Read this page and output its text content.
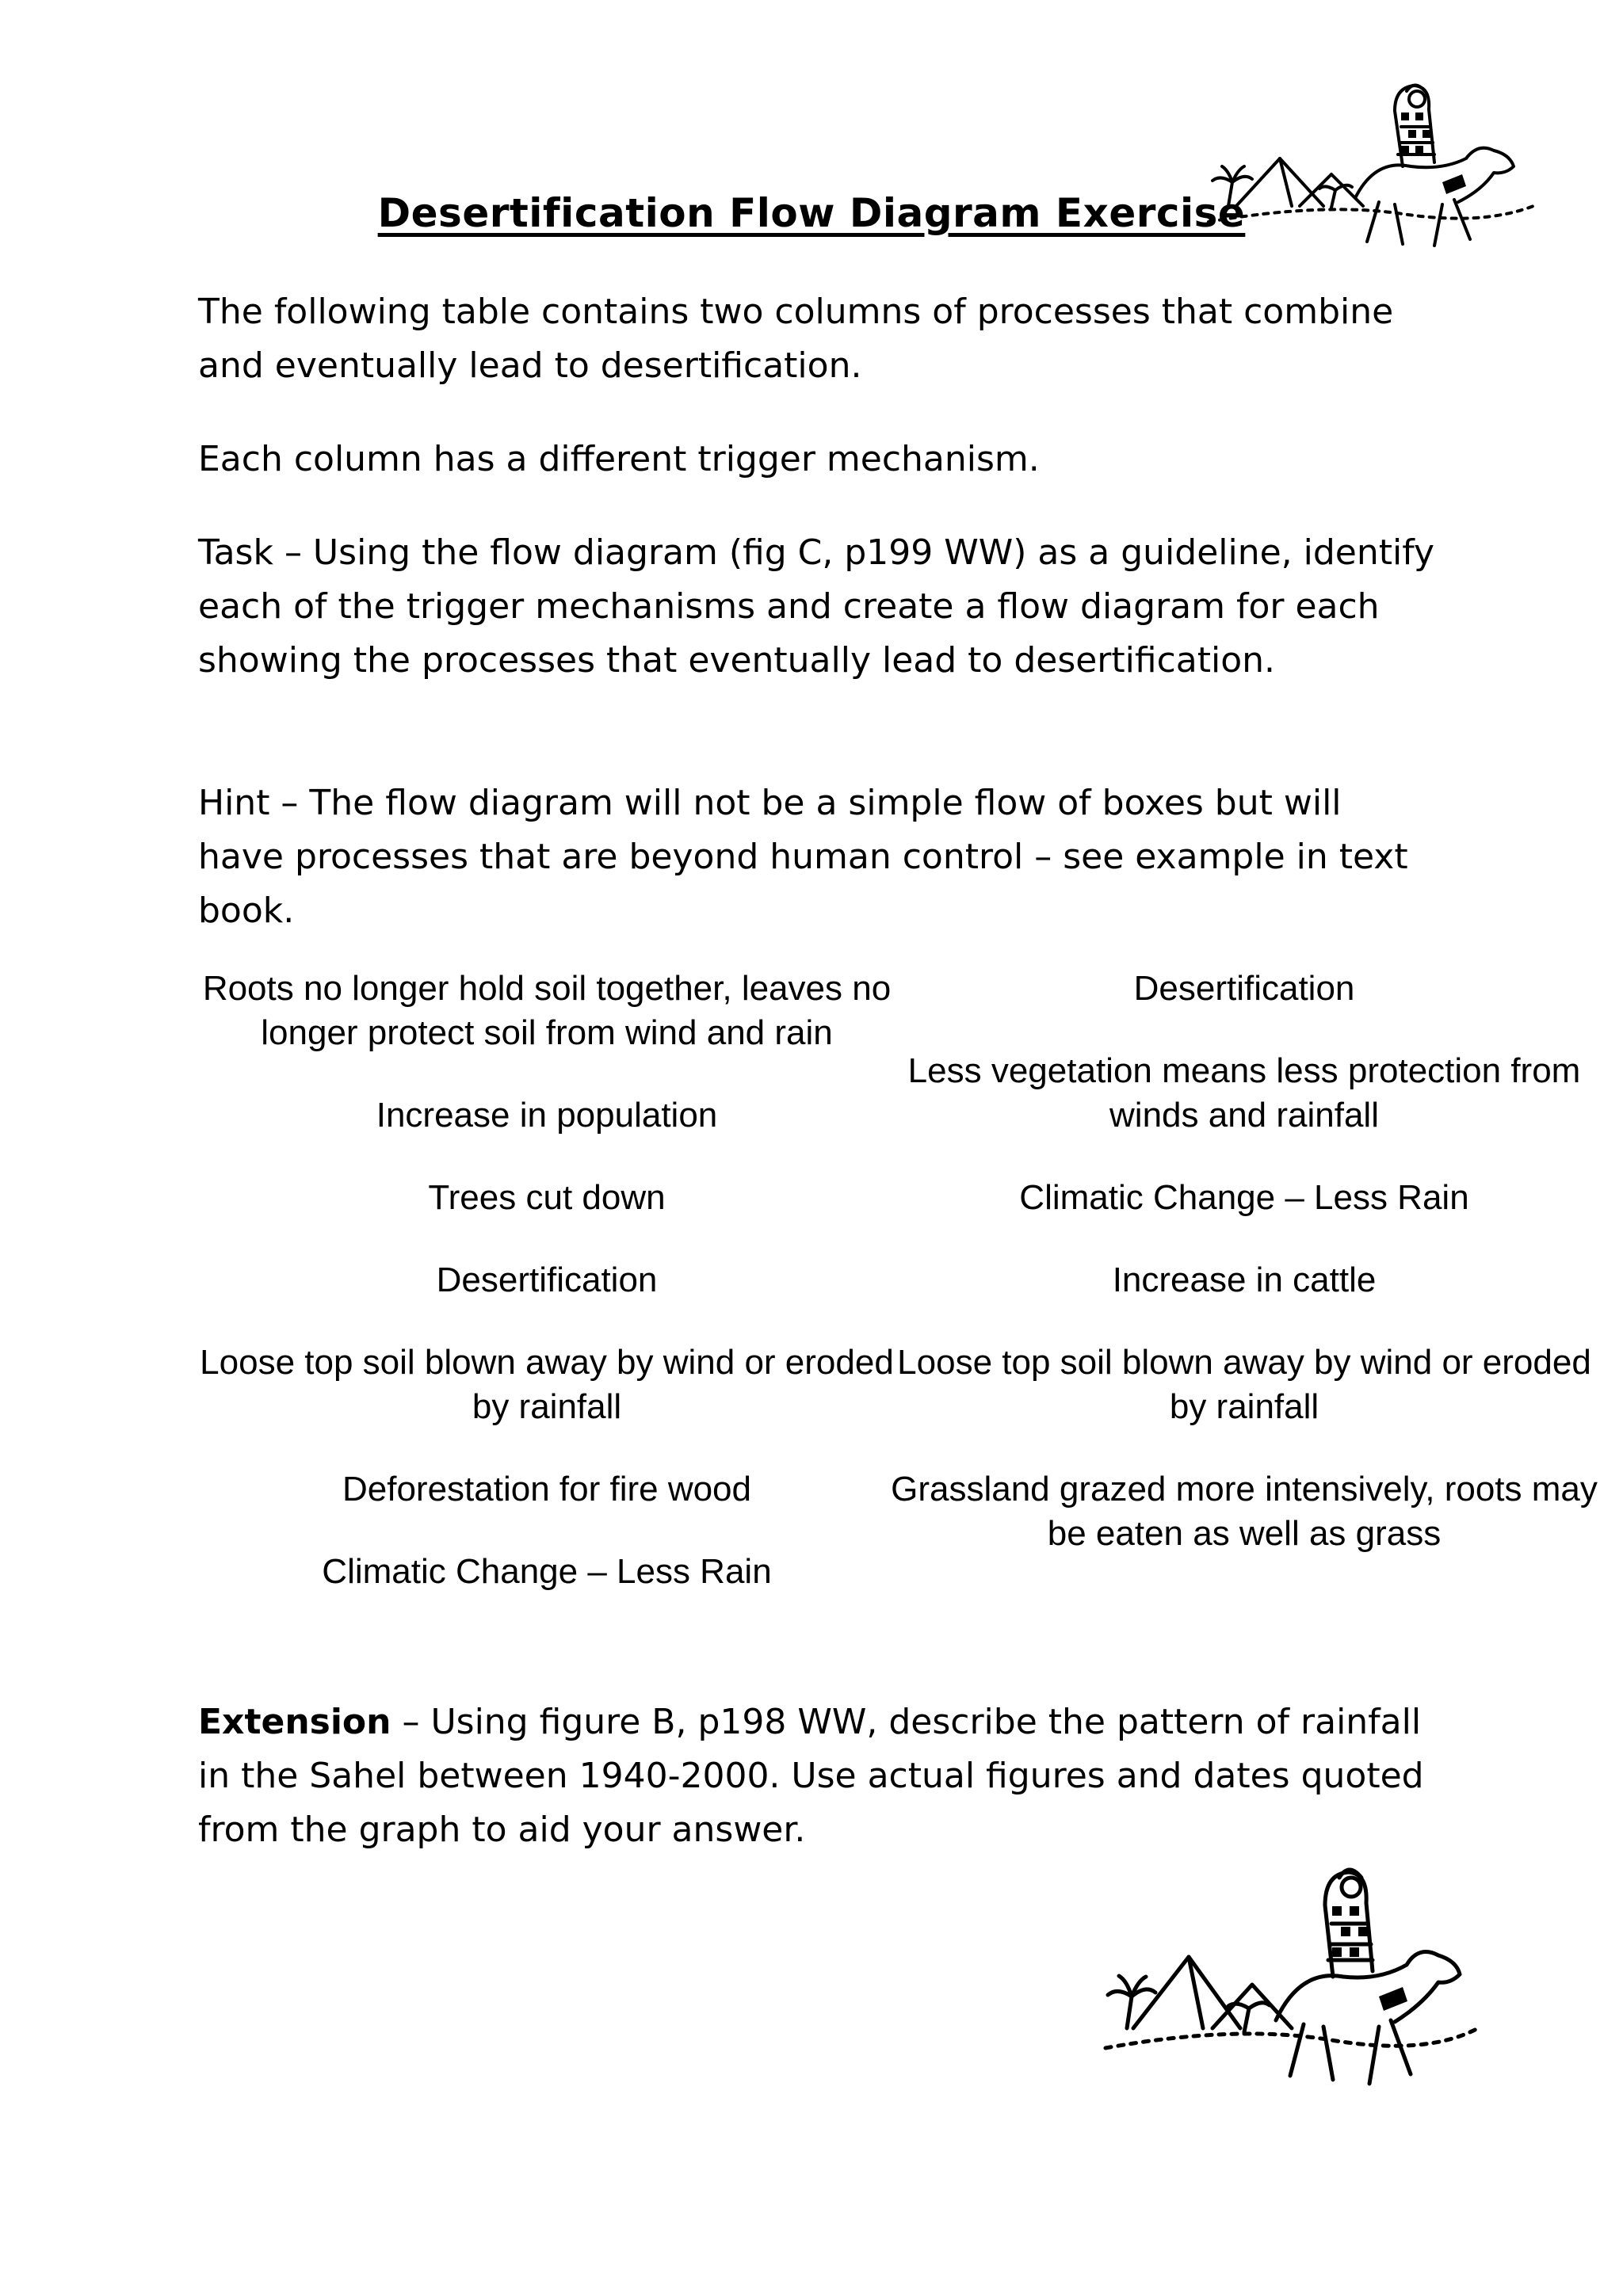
Desertification Flow Diagram Exercise

The following table contains two columns of processes that combine and eventually lead to desertification.

Each column has a different trigger mechanism.

Task – Using the flow diagram (fig C, p199 WW) as a guideline, identify each of the trigger mechanisms and create a flow diagram for each showing the processes that eventually lead to desertification.

Hint – The flow diagram will not be a simple flow of boxes but will have processes that are beyond human control – see example in text book.

Roots no longer hold soil together, leaves no longer protect soil from wind and rain

Increase in population

Trees cut down

Desertification

Loose top soil blown away by wind or eroded by rainfall

Deforestation for fire wood

Climatic Change – Less Rain

Desertification

Less vegetation means less protection from winds and rainfall

Climatic Change – Less Rain

Increase in cattle

Loose top soil blown away by wind or eroded by rainfall

Grassland grazed more intensively, roots may be eaten as well as grass

Extension – Using figure B, p198 WW, describe the pattern of rainfall in the Sahel between 1940-2000. Use actual figures and dates quoted from the graph to aid your answer.
